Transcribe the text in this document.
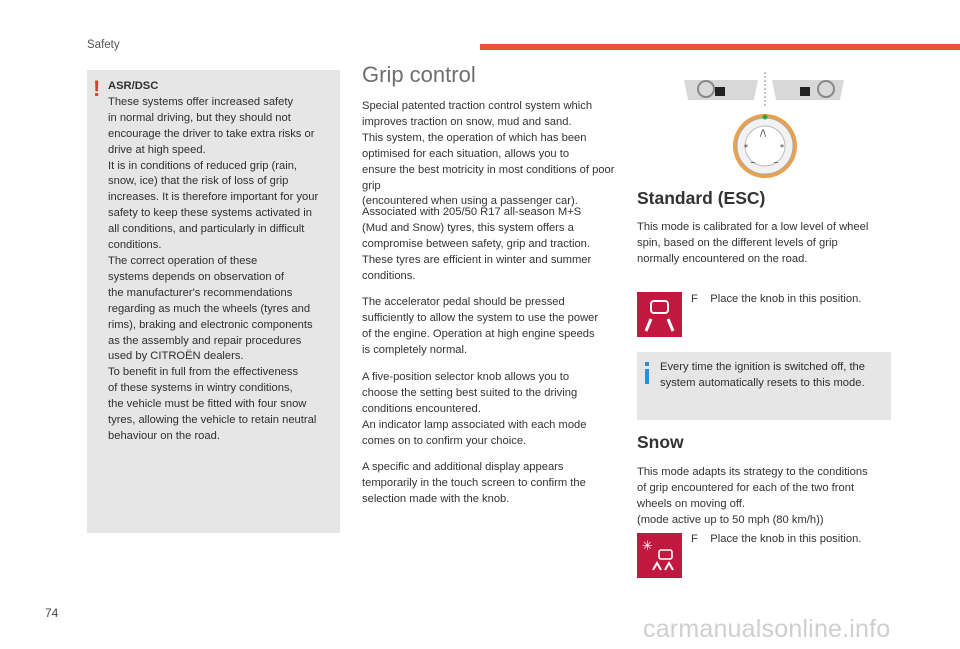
Safety
! ASR/DSC
These systems offer increased safety
in normal driving, but they should not
encourage the driver to take extra risks or
drive at high speed.
It is in conditions of reduced grip (rain,
snow, ice) that the risk of loss of grip
increases. It is therefore important for your
safety to keep these systems activated in
all conditions, and particularly in difficult
conditions.
The correct operation of these
systems depends on observation of
the manufacturer's recommendations
regarding as much the wheels (tyres and
rims), braking and electronic components
as the assembly and repair procedures
used by CITROËN dealers.
To benefit in full from the effectiveness
of these systems in wintry conditions,
the vehicle must be fitted with four snow
tyres, allowing the vehicle to retain neutral
behaviour on the road.
Grip control
Special patented traction control system which
improves traction on snow, mud and sand.
This system, the operation of which has been
optimised for each situation, allows you to
ensure the best motricity in most conditions of poor grip
(encountered when using a passenger car).
Associated with 205/50 R17 all-season M+S
(Mud and Snow) tyres, this system offers a
compromise between safety, grip and traction.
These tyres are efficient in winter and summer
conditions.
The accelerator pedal should be pressed
sufficiently to allow the system to use the power
of the engine. Operation at high engine speeds
is completely normal.
A five-position selector knob allows you to
choose the setting best suited to the driving
conditions encountered.
An indicator lamp associated with each mode
comes on to confirm your choice.
A specific and additional display appears
temporarily in the touch screen to confirm the
selection made with the knob.
/\
*	*
~ ~
Standard (ESC)
This mode is calibrated for a low level of wheel
spin, based on the different levels of grip
normally encountered on the road.
F Place the knob in this position.
Every time the ignition is switched off, the
system automatically resets to this mode.
Snow
This mode adapts its strategy to the conditions
of grip encountered for each of the two front
wheels on moving off.
(mode active up to 50 mph (80 km/h))
✳	F Place the knob in this position.
74
carmanualsonline.info
